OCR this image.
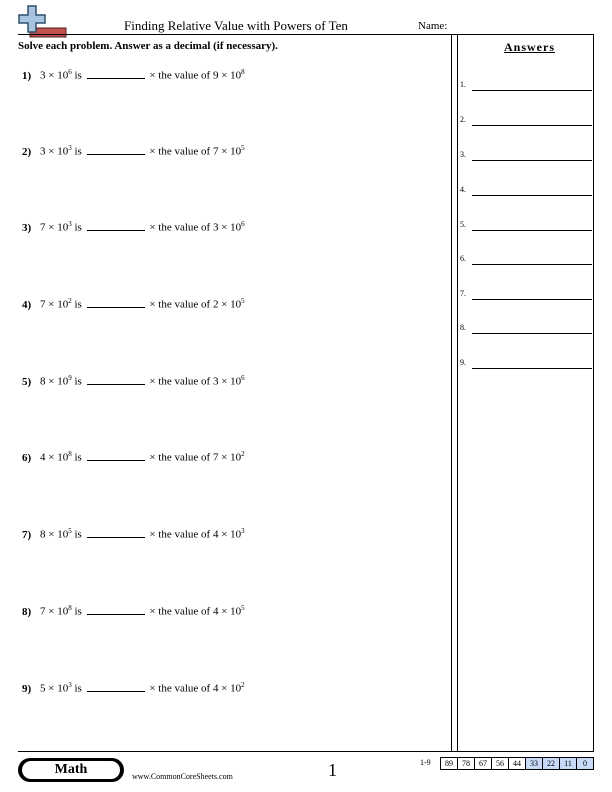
Finding Relative Value with Powers of Ten	Name:
Solve each problem. Answer as a decimal (if necessary).
1) $3 \times 10^6$ is	× the value of $9 \times 10^8$
2) $3 \times 10^3$ is	× the value of $7 \times 10^5$
3) $7 \times 10^3$ is	× the value of $3 \times 10^6$
4) $7 \times 10^2$ is	× the value of $2 \times 10^5$
5) $8 \times 10^9$ is	× the value of $3 \times 10^6$
6) $4 \times 10^8$ is	× the value of $7 \times 10^2$
7) $8 \times 10^5$ is	× the value of $4 \times 10^3$
8) $7 \times 10^8$ is	× the value of $4 \times 10^5$
9) $5 \times 10^3$ is	× the value of $4 \times 10^2$
Answers
1.
2.
3.
4.
5.
6.
7.
8.
9.
Math	www.CommonCoreSheets.com	1	1-9	89	78	67	56	44	33	22	11	0
